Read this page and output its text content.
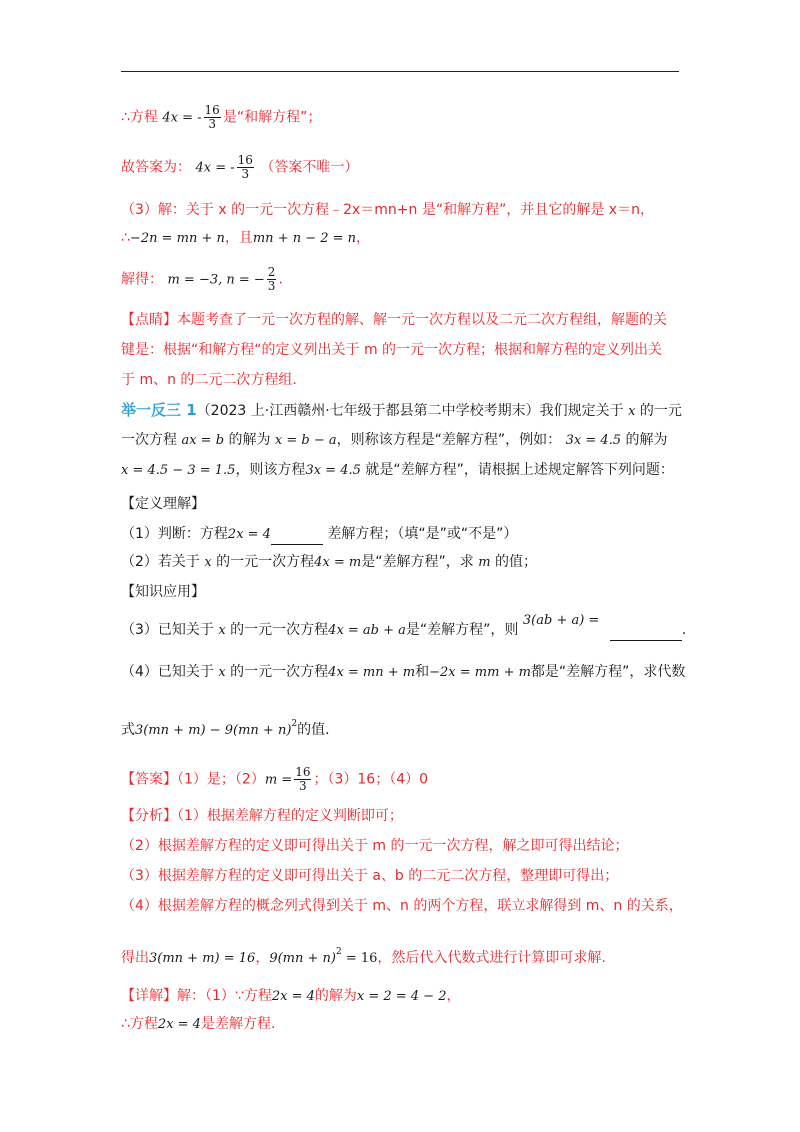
∴方程 4x = - $\frac{16}{3}$ 是“和解方程”；
故答案为： 4x = - $\frac{16}{3}$ （答案不唯一）
（3）解：关于 x 的一元一次方程﹣2x＝mn+n 是“和解方程”，并且它的解是 x＝n，
∴−2n = mn + n，且mn + n − 2 = n，
解得： m = −3, n = − $\frac{2}{3}$ .
【点睛】本题考查了一元一次方程的解、解一元一次方程以及二元二次方程组，解题的关
键是：根据“和解方程“的定义列出关于 m 的一元一次方程；根据和解方程的定义列出关
于 m、n 的二元二次方程组.
举一反三 1（2023 上·江西赣州·七年级于都县第二中学校考期末）我们规定关于 x 的一元
一次方程 ax = b 的解为 x = b − a，则称该方程是“差解方程”，例如： 3x = 4.5 的解为
x = 4.5 − 3 = 1.5，则该方程3x = 4.5 就是“差解方程”，请根据上述规定解答下列问题：
【定义理解】
（1）判断：方程2x = 4	差解方程；（填“是”或“不是”）
（2）若关于 x 的一元一次方程4x = m是“差解方程”，求 m 的值；
【知识应用】
（3）已知关于 x 的一元一次方程4x = ab + a是“差解方程”，则 3(ab + a) = .
（4）已知关于 x 的一元一次方程4x = mn + m和−2x = mm + m都是“差解方程”，求代数
式3(mn + m) − 9(mn + n)$^2$的值.
【答案】（1）是；$(2)m = \frac{16}{3}$ ；（3）16；（4）0
【分析】（1）根据差解方程的定义判断即可；
（2）根据差解方程的定义即可得出关于 m 的一元一次方程，解之即可得出结论；
（3）根据差解方程的定义即可得出关于 a、b 的二元二次方程，整理即可得出；
（4）根据差解方程的概念列式得到关于 m、n 的两个方程，联立求解得到 m、n 的关系，
得出3(mn + m) = 16，9(mn + n)$^2$ = 16，然后代入代数式进行计算即可求解.
【详解】解：（1）∵方程2x = 4的解为x = 2 = 4 − 2，
∴方程2x = 4是差解方程.
